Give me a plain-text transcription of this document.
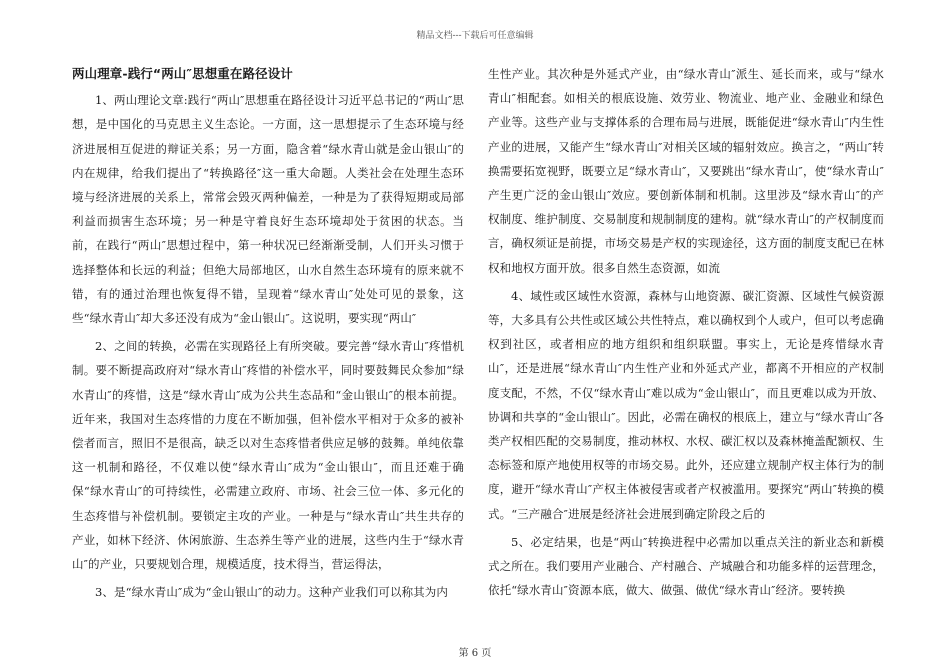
精品文档---下载后可任意编辑

两山理章-践行“两山″思想重在路径设计

1、两山理论文章:践行“两山″思想重在路径设计习近平总书记的“两山″思想，是中国化的马克思主义生态论。一方面，这一思想提示了生态环境与经济进展相互促进的辩证关系；另一方面，隐含着“绿水青山就是金山银山″的内在规律，给我们提出了“转换路径″这一重大命题。人类社会在处理生态环境与经济进展的关系上，常常会毁灭两种偏差，一种是为了获得短期或局部利益而损害生态环境；另一种是守着良好生态环境却处于贫困的状态。当前，在践行“两山″思想过程中，第一种状况已经渐渐受制，人们开头习惯于选择整体和长远的利益；但绝大局部地区，山水自然生态环境有的原来就不错，有的通过治理也恢复得不错，呈现着“绿水青山″处处可见的景象，这些“绿水青山″却大多还没有成为“金山银山″。这说明，要实现“两山″

2、之间的转换，必需在实现路径上有所突破。要完善“绿水青山″疼惜机制。要不断提高政府对“绿水青山″疼惜的补偿水平，同时要鼓舞民众参加“绿水青山″的疼惜，这是“绿水青山″成为公共生态品和“金山银山″的根本前提。近年来，我国对生态疼惜的力度在不断加强，但补偿水平相对于众多的被补偿者而言，照旧不是很高，缺乏以对生态疼惜者供应足够的鼓舞。单纯依靠这一机制和路径，不仅难以使“绿水青山″成为“金山银山″，而且还难于确保“绿水青山″的可持续性，必需建立政府、市场、社会三位一体、多元化的生态疼惜与补偿机制。要锁定主攻的产业。一种是与“绿水青山″共生共存的产业，如林下经济、休闲旅游、生态养生等产业的进展，这些内生于“绿水青山″的产业，只要规划合理，规模适度，技术得当，营运得法，

3、是“绿水青山″成为“金山银山″的动力。这种产业我们可以称其为内

生性产业。其次种是外延式产业，由“绿水青山″派生、延长而来，或与“绿水青山″相配套。如相关的根底设施、效劳业、物流业、地产业、金融业和绿色产业等。这些产业与支撑体系的合理布局与进展，既能促进“绿水青山″内生性产业的进展，又能产生“绿水青山″对相关区域的辐射效应。换言之，“两山″转换需要拓宽视野，既要立足“绿水青山″，又要跳出“绿水青山″，使“绿水青山″产生更广泛的金山银山″效应。要创新体制和机制。这里涉及“绿水青山″的产权制度、维护制度、交易制度和规制制度的建构。就“绿水青山″的产权制度而言，确权须证是前提，市场交易是产权的实现途径，这方面的制度支配已在林权和地权方面开放。很多自然生态资源，如流

4、域性或区域性水资源，森林与山地资源、碳汇资源、区域性气候资源等，大多具有公共性或区域公共性特点，难以确权到个人或户，但可以考虑确权到社区，或者相应的地方组织和组织联盟。事实上，无论是疼惜绿水青山″，还是进展“绿水青山″内生性产业和外延式产业，都离不开相应的产权制度支配，不然，不仅“绿水青山″难以成为“金山银山″，而且更难以成为开放、协调和共享的“金山银山″。因此，必需在确权的根底上，建立与“绿水青山″各类产权相匹配的交易制度，推动林权、水权、碳汇权以及森林掩盖配额权、生态标签和原产地使用权等的市场交易。此外，还应建立规制产权主体行为的制度，避开“绿水青山″产权主体被侵害或者产权被滥用。要探究“两山″转换的模式。“三产融合″进展是经济社会进展到确定阶段之后的

5、必定结果，也是“两山″转换进程中必需加以重点关注的新业态和新模式之所在。我们要用产业融合、产村融合、产城融合和功能多样的运营理念，依托“绿水青山″资源本底，做大、做强、做优“绿水青山″经济。要转换

第 6 页
